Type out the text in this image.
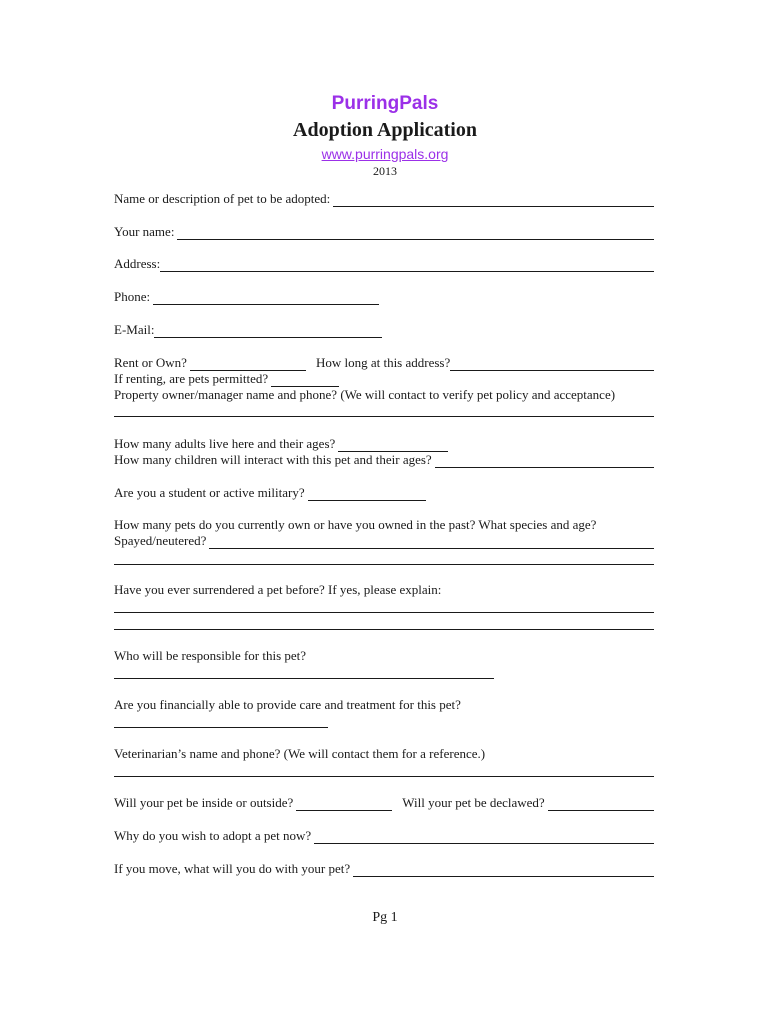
PurringPals
Adoption Application
www.purringpals.org
2013
Name or description of pet to be adopted:
Your name:
Address:
Phone:
E-Mail:
Rent or Own?	How long at this address?
If renting, are pets permitted?
Property owner/manager name and phone? (We will contact to verify pet policy and acceptance)
How many adults live here and their ages?
How many children will interact with this pet and their ages?
Are you a student or active military?
How many pets do you currently own or have you owned in the past? What species and age?
Spayed/neutered?
Have you ever surrendered a pet before? If yes, please explain:
Who will be responsible for this pet?
Are you financially able to provide care and treatment for this pet?
Veterinarian’s name and phone? (We will contact them for a reference.)
Will your pet be inside or outside?	Will your pet be declawed?
Why do you wish to adopt a pet now?
If you move, what will you do with your pet?
Pg 1
